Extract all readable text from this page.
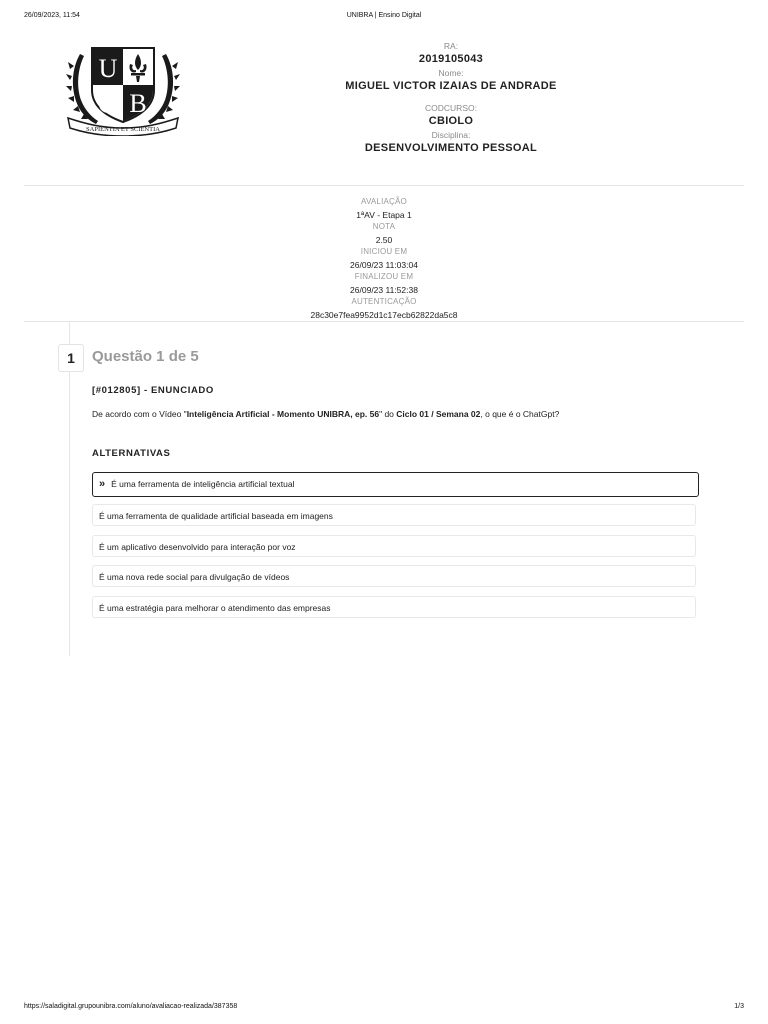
26/09/2023, 11:54	UNIBRA | Ensino Digital
U
B
SAPIENTIA ET SCIENTIA
RA:
2019105043
Nome:
MIGUEL VICTOR IZAIAS DE ANDRADE
CODCURSO:
CBIOLO
Disciplina:
DESENVOLVIMENTO PESSOAL
AVALIAÇÃO
1ªAV - Etapa 1
NOTA
2.50
INICIOU EM
26/09/23 11:03:04
FINALIZOU EM
26/09/23 11:52:38
AUTENTICAÇÃO
28c30e7fea9952d1c17ecb62822da5c8
1	Questão 1 de 5
[#012805] - ENUNCIADO
De acordo com o Vídeo "Inteligência Artificial - Momento UNIBRA, ep. 56" do Ciclo 01 / Semana 02, o que é o ChatGpt?
ALTERNATIVAS
» É uma ferramenta de inteligência artificial textual
É uma ferramenta de qualidade artificial baseada em imagens
É um aplicativo desenvolvido para interação por voz
É uma nova rede social para divulgação de vídeos
É uma estratégia para melhorar o atendimento das empresas
https://saladigital.grupounibra.com/aluno/avaliacao-realizada/387358	1/3
